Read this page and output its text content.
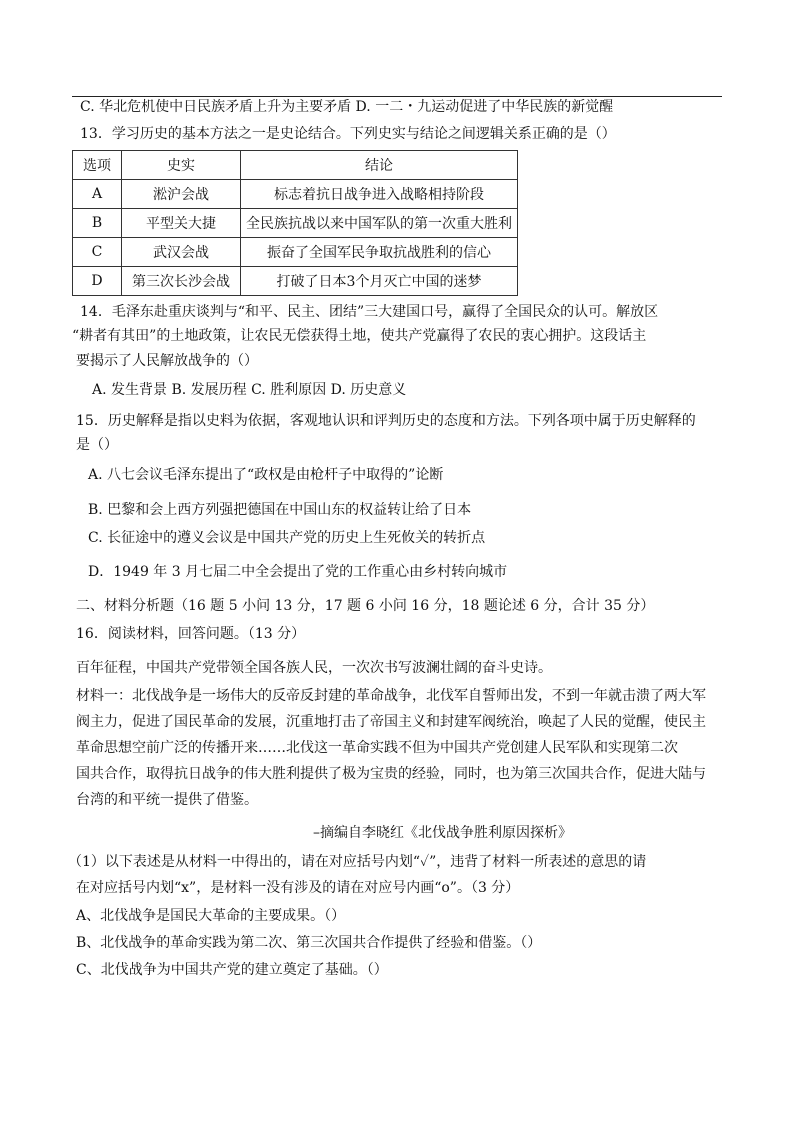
C. 华北危机使中日民族矛盾上升为主要矛盾 D. 一二・九运动促进了中华民族的新觉醒
13．学习历史的基本方法之一是史论结合。下列史实与结论之间逻辑关系正确的是（）
选项	史实	结论
A	淞沪会战	标志着抗日战争进入战略相持阶段
B	平型关大捷	全民族抗战以来中国军队的第一次重大胜利
C	武汉会战	振奋了全国军民争取抗战胜利的信心
D	第三次长沙会战	打破了日本3个月灭亡中国的迷梦
14．毛泽东赴重庆谈判与“和平、民主、团结”三大建国口号，赢得了全国民众的认可。解放区
“耕者有其田”的土地政策，让农民无偿获得土地，使共产党赢得了农民的衷心拥护。这段话主
要揭示了人民解放战争的（）
A. 发生背景 B. 发展历程 C. 胜利原因 D. 历史意义
15．历史解释是指以史料为依据，客观地认识和评判历史的态度和方法。下列各项中属于历史解释的
是（）
A. 八七会议毛泽东提出了“政权是由枪杆子中取得的”论断
B. 巴黎和会上西方列强把德国在中国山东的权益转让给了日本
C. 长征途中的遵义会议是中国共产党的历史上生死攸关的转折点
D．1949 年 3 月七届二中全会提出了党的工作重心由乡村转向城市
二、材料分析题（16 题 5 小问 13 分，17 题 6 小问 16 分，18 题论述 6 分，合计 35 分）
16．阅读材料，回答问题。（13 分）
百年征程，中国共产党带领全国各族人民，一次次书写波澜壮阔的奋斗史诗。
材料一：北伐战争是一场伟大的反帝反封建的革命战争，北伐军自誓师出发，不到一年就击溃了两大军
阀主力，促进了国民革命的发展，沉重地打击了帝国主义和封建军阀统治，唤起了人民的觉醒，使民主
革命思想空前广泛的传播开来……北伐这一革命实践不但为中国共产党创建人民军队和实现第二次
国共合作，取得抗日战争的伟大胜利提供了极为宝贵的经验，同时，也为第三次国共合作，促进大陆与
台湾的和平统一提供了借鉴。
–摘编自李晓红《北伐战争胜利原因探析》
（1）以下表述是从材料一中得出的，请在对应括号内划“✓”，违背了材料一所表述的意思的请
在对应括号内划“x”，是材料一没有涉及的请在对应号内画“o”。（3 分）
A、北伐战争是国民大革命的主要成果。（）
B、北伐战争的革命实践为第二次、第三次国共合作提供了经验和借鉴。（）
C、北伐战争为中国共产党的建立奠定了基础。（）
